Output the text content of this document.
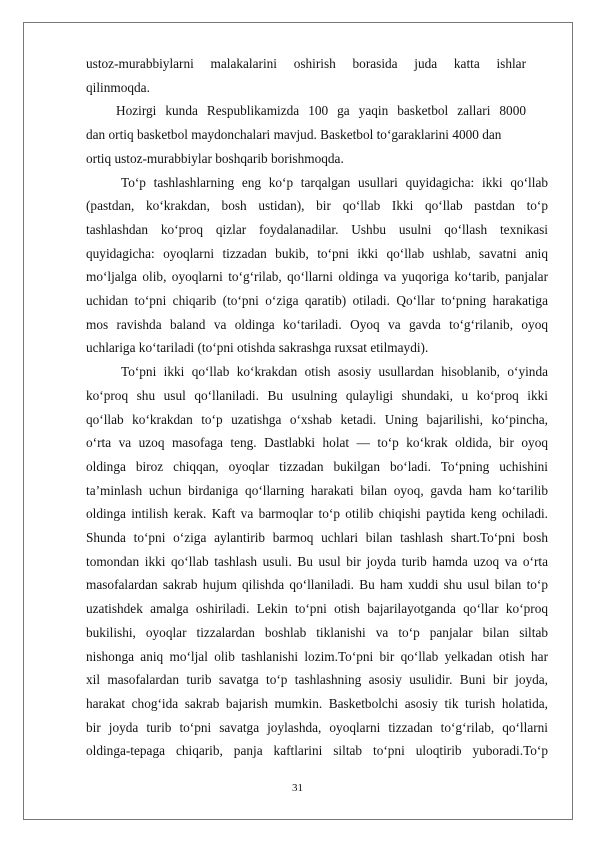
ustoz-murabbiylarni malakalarini oshirish borasida juda katta ishlar

qilinmoqda.

Hozirgi kunda Respublikamizda 100 ga yaqin basketbol zallari 8000

dan ortiq basketbol maydonchalari mavjud. Basketbol to‘garaklarini 4000 dan

ortiq ustoz-murabbiylar boshqarib borishmoqda.

To‘p tashlashlarning eng ko‘p tarqalgan usullari quyidagicha: ikki qo‘llab

(pastdan, ko‘krakdan, bosh ustidan), bir qo‘llab Ikki qo‘llab pastdan to‘p

tashlashdan ko‘proq qizlar foydalanadilar. Ushbu usulni qo‘llash texnikasi

quyidagicha: oyoqlarni tizzadan bukib, to‘pni ikki qo‘llab ushlab, savatni aniq

mo‘ljalga olib, oyoqlarni to‘g‘rilab, qo‘llarni oldinga va yuqoriga ko‘tarib, panjalar

uchidan to‘pni chiqarib (to‘pni o‘ziga qaratib) otiladi. Qo‘llar to‘pning harakatiga

mos ravishda baland va oldinga ko‘tariladi. Oyoq va gavda to‘g‘rilanib, oyoq

uchlariga ko‘tariladi (to‘pni otishda sakrashga ruxsat etilmaydi).

To‘pni ikki qo‘llab ko‘krakdan otish asosiy usullardan hisoblanib, o‘yinda

ko‘proq shu usul qo‘llaniladi. Bu usulning qulayligi shundaki, u ko‘proq ikki

qo‘llab ko‘krakdan to‘p uzatishga o‘xshab ketadi. Uning bajarilishi, ko‘pincha,

o‘rta va uzoq masofaga teng. Dastlabki holat — to‘p ko‘krak oldida, bir oyoq

oldinga biroz chiqqan, oyoqlar tizzadan bukilgan bo‘ladi. To‘pning uchishini

ta’minlash uchun birdaniga qo‘llarning harakati bilan oyoq, gavda ham ko‘tarilib

oldinga intilish kerak. Kaft va barmoqlar to‘p otilib chiqishi paytida keng ochiladi.

Shunda to‘pni o‘ziga aylantirib barmoq uchlari bilan tashlash shart.To‘pni bosh

tomondan ikki qo‘llab tashlash usuli. Bu usul bir joyda turib hamda uzoq va o‘rta

masofalardan sakrab hujum qilishda qo‘llaniladi. Bu ham xuddi shu usul bilan to‘p

uzatishdek amalga oshiriladi. Lekin to‘pni otish bajarilayotganda qo‘llar ko‘proq

bukilishi, oyoqlar tizzalardan boshlab tiklanishi va to‘p panjalar bilan siltab

nishonga aniq mo‘ljal olib tashlanishi lozim.To‘pni bir qo‘llab yelkadan otish har

xil masofalardan turib savatga to‘p tashlashning asosiy usulidir. Buni bir joyda,

harakat chog‘ida sakrab bajarish mumkin. Basketbolchi asosiy tik turish holatida,

bir joyda turib to‘pni savatga joylashda, oyoqlarni tizzadan to‘g‘rilab, qo‘llarni

oldinga-tepaga chiqarib, panja kaftlarini siltab to‘pni uloqtirib yuboradi.To‘p

31
